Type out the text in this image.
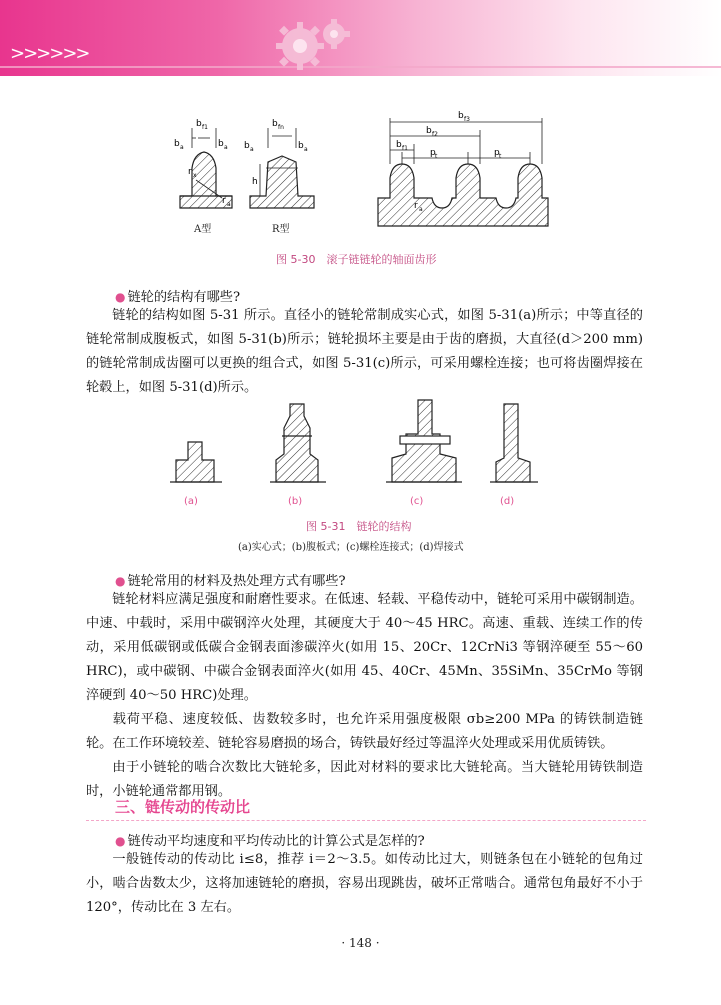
>>>>>>
b f1
b a	b a
r x
r a
A型
b fn
b a	b a
h
R型
b f3
b f2
b f1 p t	p t
r a
图 5-30　滚子链链轮的轴面齿形
● 链轮的结构有哪些?
链轮的结构如图 5-31 所示。直径小的链轮常制成实心式，如图 5-31(a)所示；中等直径的链轮常制成腹板式，如图 5-31(b)所示；链轮损坏主要是由于齿的磨损，大直径(d＞200 mm)的链轮常制成齿圈可以更换的组合式，如图 5-31(c)所示，可采用螺栓连接；也可将齿圈焊接在轮毂上，如图 5-31(d)所示。
(a)	(b)	(c)	(d)
图 5-31　链轮的结构
(a)实心式；(b)腹板式；(c)螺栓连接式；(d)焊接式
● 链轮常用的材料及热处理方式有哪些?
链轮材料应满足强度和耐磨性要求。在低速、轻载、平稳传动中，链轮可采用中碳钢制造。中速、中载时，采用中碳钢淬火处理，其硬度大于 40～45 HRC。高速、重载、连续工作的传动，采用低碳钢或低碳合金钢表面渗碳淬火(如用 15、20Cr、12CrNi3 等钢淬硬至 55～60 HRC)，或中碳钢、中碳合金钢表面淬火(如用 45、40Cr、45Mn、35SiMn、35CrMo 等钢淬硬到 40～50 HRC)处理。
载荷平稳、速度较低、齿数较多时，也允许采用强度极限 σb≥200 MPa 的铸铁制造链轮。在工作环境较差、链轮容易磨损的场合，铸铁最好经过等温淬火处理或采用优质铸铁。
由于小链轮的啮合次数比大链轮多，因此对材料的要求比大链轮高。当大链轮用铸铁制造时，小链轮通常都用钢。
三、链传动的传动比
● 链传动平均速度和平均传动比的计算公式是怎样的?
一般链传动的传动比 i≤8，推荐 i＝2～3.5。如传动比过大，则链条包在小链轮的包角过小，啮合齿数太少，这将加速链轮的磨损，容易出现跳齿，破坏正常啮合。通常包角最好不小于 120°，传动比在 3 左右。
· 148 ·
